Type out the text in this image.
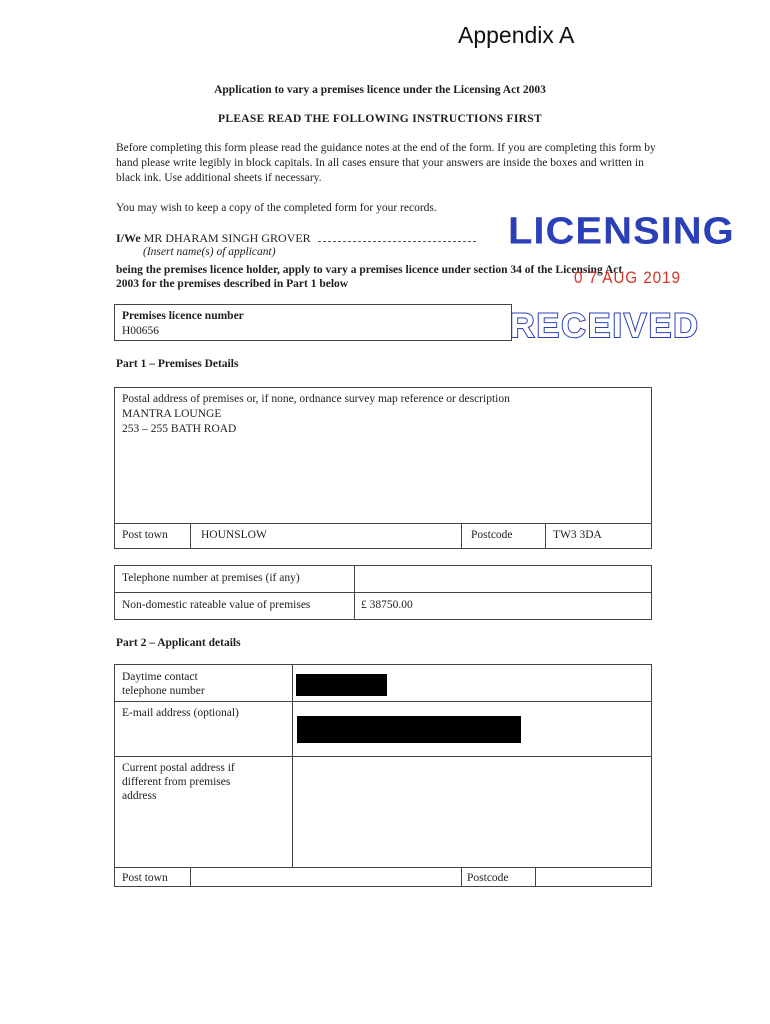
Appendix A
Application to vary a premises licence under the Licensing Act 2003
PLEASE READ THE FOLLOWING INSTRUCTIONS FIRST
Before completing this form please read the guidance notes at the end of the form. If you are completing this form by hand please write legibly in block capitals. In all cases ensure that your answers are inside the boxes and written in black ink. Use additional sheets if necessary.
You may wish to keep a copy of the completed form for your records.
I/We MR DHARAM SINGH GROVER
(Insert name(s) of applicant)
being the premises licence holder, apply to vary a premises licence under section 34 of the Licensing Act 2003 for the premises described in Part 1 below
LICENSING
0 7 AUG 2019
RECEIVED
Premises licence number
H00656
Part 1 – Premises Details
Postal address of premises or, if none, ordnance survey map reference or description
MANTRA LOUNGE
253 – 255 BATH ROAD
Post town	HOUNSLOW	Postcode	TW3 3DA
Telephone number at premises (if any)
Non-domestic rateable value of premises	£ 38750.00
Part 2 – Applicant details
Daytime contact
telephone number
E-mail address (optional)
Current postal address if
different from premises
address
Post town	Postcode
